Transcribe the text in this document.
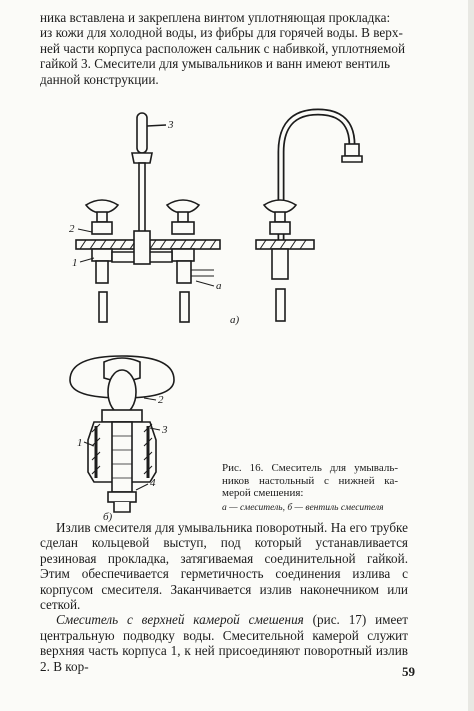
ника вставлена и закреплена винтом уплотняющая прокладка:

из кожи для холодной воды, из фибры для горячей воды. В верх-

ней части корпуса расположен сальник с набивкой, уплотняемой

гайкой 3. Смесители для умывальников и ванн имеют вентиль

данной конструкции.

3
2
1
а
а)
2
3
1
4
б)
Рис. 16. Смеситель для умываль-ников настольный с нижней ка-мерой смешения:
а — смеситель, б — вентиль смесителя

Излив смесителя для умывальника поворотный. На его трубке сделан кольцевой выступ, под который устанавливается резиновая прокладка, затягиваемая соединительной гайкой. Этим обеспечивается герметичность соединения излива с корпусом смесителя. Заканчивается излив наконечником или сеткой.

Смеситель с верхней камерой смешения (рис. 17) имеет центральную подводку воды. Смесительной камерой служит верхняя часть корпуса 1, к ней присоединяют поворотный излив 2. В кор-	59
